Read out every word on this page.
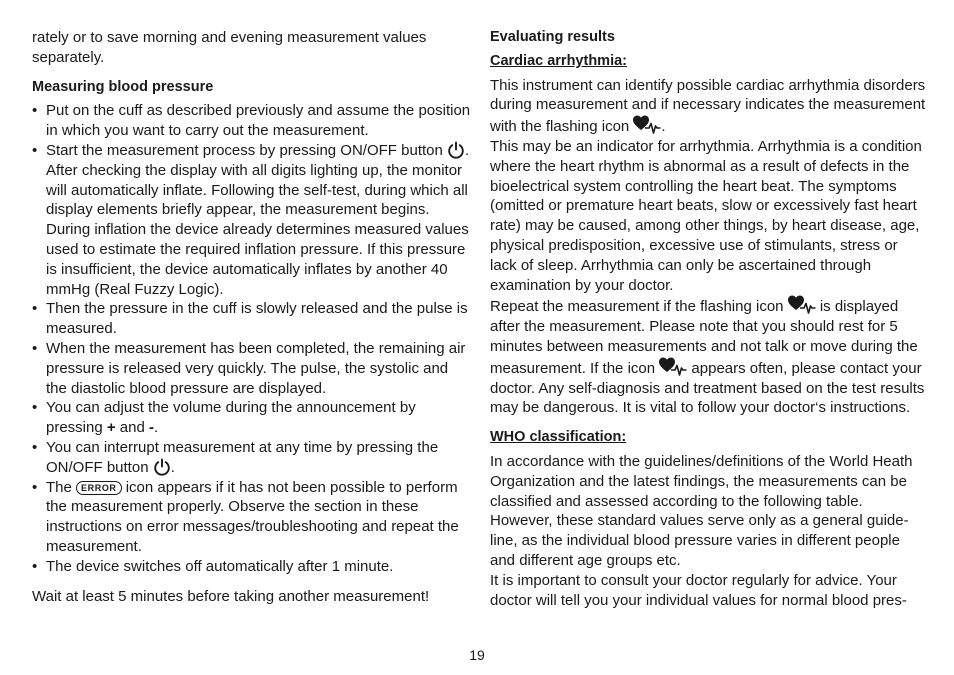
rately or to save morning and evening measurement values separately.

Measuring blood pressure

• Put on the cuff as described previously and assume the position in which you want to carry out the measurement.
• Start the measurement process by pressing ON/OFF button . After checking the display with all digits lighting up, the monitor will automatically inflate. Following the self-test, during which all display elements briefly appear, the measurement begins. During inflation the device already determines measured values used to estimate the required inflation pressure. If this pressure is insufficient, the device automatically inflates by another 40 mmHg (Real Fuzzy Logic).
• Then the pressure in the cuff is slowly released and the pulse is measured.
• When the measurement has been completed, the remaining air pressure is released very quickly. The pulse, the systolic and the diastolic blood pressure are displayed.
• You can adjust the volume during the announcement by pressing + and -.
• You can interrupt measurement at any time by pressing the ON/OFF button .
• The ERROR icon appears if it has not been possible to perform the measurement properly. Observe the section in these instructions on error messages/troubleshooting and repeat the measurement.
• The device switches off automatically after 1 minute.

Wait at least 5 minutes before taking another measurement!

Evaluating results

Cardiac arrhythmia:

This instrument can identify possible cardiac arrhythmia disorders during measurement and if necessary indicates the measurement with the flashing icon .

This may be an indicator for arrhythmia. Arrhythmia is a condition where the heart rhythm is abnormal as a result of defects in the bioelectrical system controlling the heart beat. The symptoms (omitted or premature heart beats, slow or excessively fast heart rate) may be caused, among other things, by heart disease, age, physical predisposition, excessive use of stimulants, stress or lack of sleep. Arrhythmia can only be ascertained through examination by your doctor.

Repeat the measurement if the flashing icon  is displayed after the measurement. Please note that you should rest for 5 minutes between measurements and not talk or move during the measurement. If the icon  appears often, please contact your doctor. Any self-diagnosis and treatment based on the test results may be dangerous. It is vital to follow your doctor‘s instructions.

WHO classification:

In accordance with the guidelines/definitions of the World Heath Organization and the latest findings, the measurements can be classified and assessed according to the following table.

However, these standard values serve only as a general guideline, as the individual blood pressure varies in different people and different age groups etc.

It is important to consult your doctor regularly for advice. Your doctor will tell you your individual values for normal blood pres-

19
